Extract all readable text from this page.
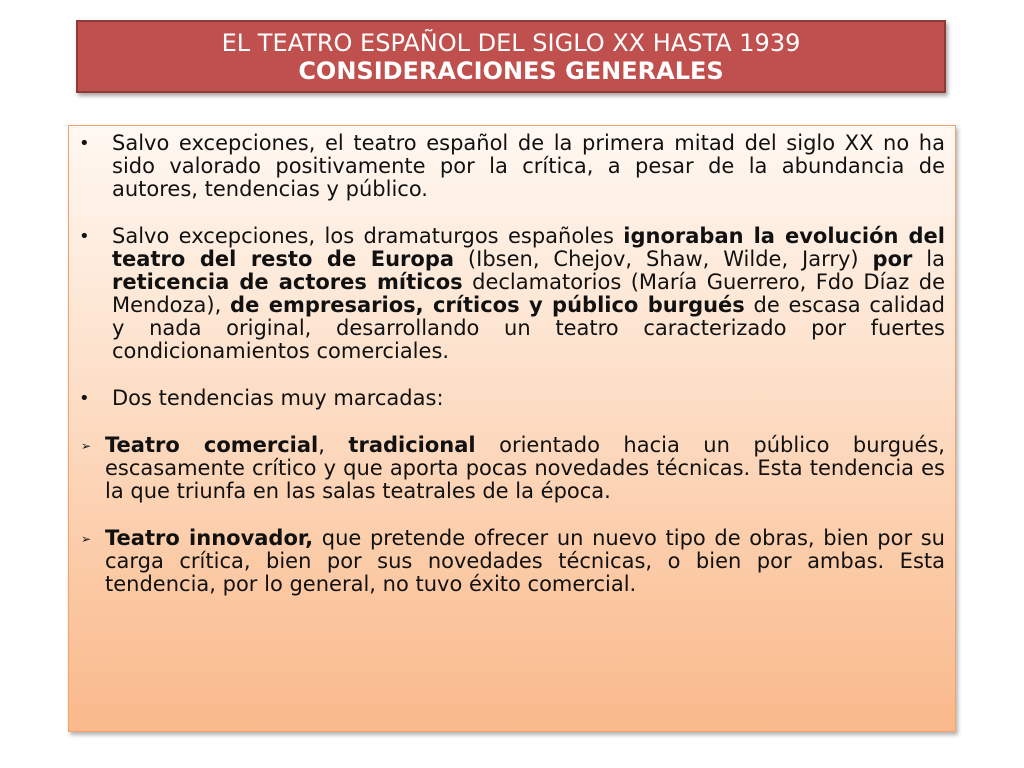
EL TEATRO ESPAÑOL DEL SIGLO XX HASTA 1939
CONSIDERACIONES GENERALES
• Salvo excepciones, el teatro español de la primera mitad del siglo XX no ha sido valorado positivamente por la crítica, a pesar de la abundancia de autores, tendencias y público.
• Salvo excepciones, los dramaturgos españoles ignoraban la evolución del teatro del resto de Europa (Ibsen, Chejov, Shaw, Wilde, Jarry) por la reticencia de actores míticos declamatorios (María Guerrero, Fdo Díaz de Mendoza), de empresarios, críticos y público burgués de escasa calidad y nada original, desarrollando un teatro caracterizado por fuertes condicionamientos comerciales.
• Dos tendencias muy marcadas:
➢ Teatro comercial, tradicional orientado hacia un público burgués, escasamente crítico y que aporta pocas novedades técnicas. Esta tendencia es la que triunfa en las salas teatrales de la época.
➢ Teatro innovador, que pretende ofrecer un nuevo tipo de obras, bien por su carga crítica, bien por sus novedades técnicas, o bien por ambas. Esta tendencia, por lo general, no tuvo éxito comercial.
